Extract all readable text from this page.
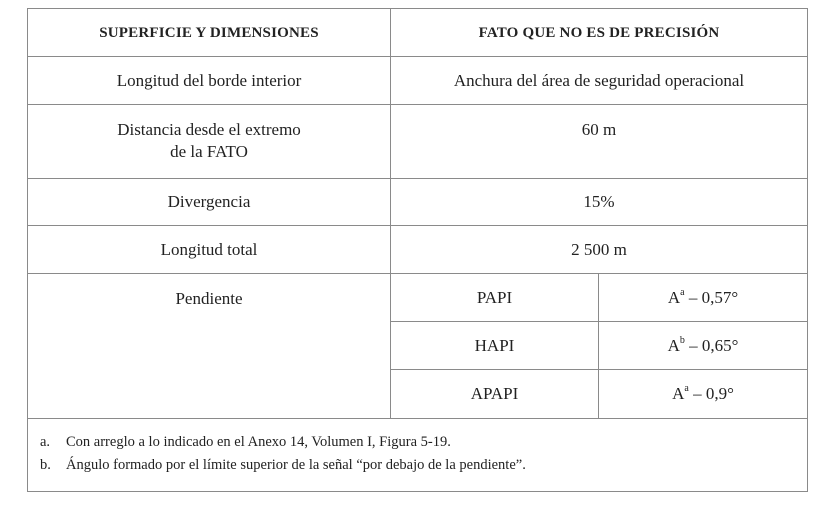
SUPERFICIE Y DIMENSIONES	FATO QUE NO ES DE PRECISIÓN	
Longitud del borde interior	Anchura del área de seguridad operacional	
Distancia desde el extremo
de la FATO	60 m	
Divergencia	15%	
Longitud total	2 500 m	
Pendiente	PAPI	$A^a - 0,57^\circ$
	HAPI	$A^b - 0,65^\circ$
	APAPI	$A^a - 0,9^\circ$

a. Con arreglo a lo indicado en el Anexo 14, Volumen I, Figura 5-19.
b. Ángulo formado por el límite superior de la señal “por debajo de la pendiente”.		
